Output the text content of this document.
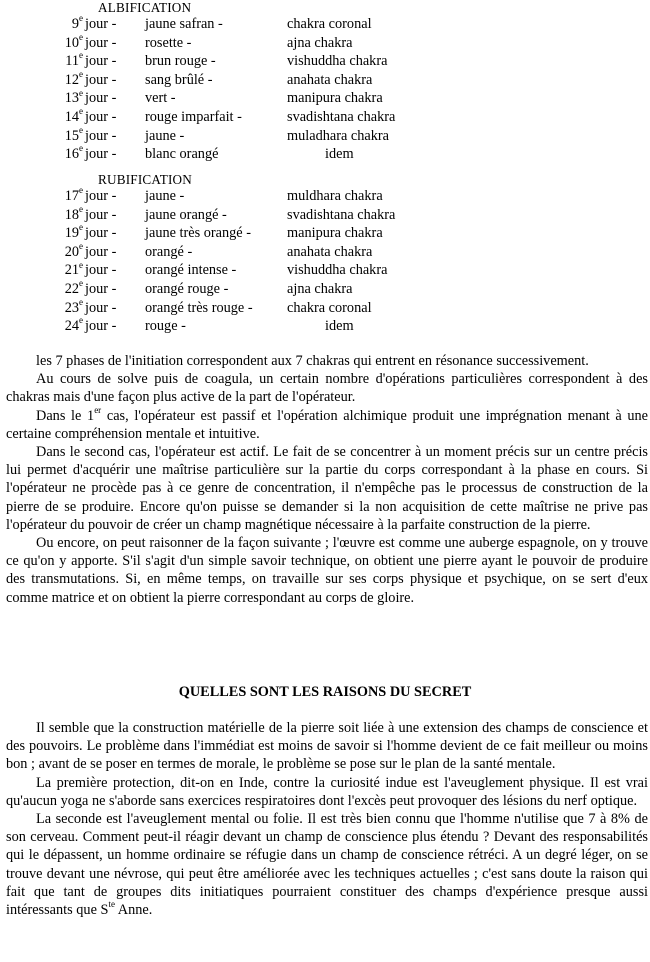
ALBIFICATION
9e jour - jaune safran -	chakra coronal
10e jour - rosette -	ajna chakra
11e jour - brun rouge -	vishuddha chakra
12e jour - sang brûlé -	anahata chakra
13e jour - vert -	manipura chakra
14e jour - rouge imparfait -	svadishtana chakra
15e jour - jaune -	muladhara chakra
16e jour - blanc orangé	idem
RUBIFICATION
17e jour - jaune -	muldhara chakra
18e jour - jaune orangé -	svadishtana chakra
19e jour - jaune très orangé -	manipura chakra
20e jour - orangé -	anahata chakra
21e jour - orangé intense -	vishuddha chakra
22e jour - orangé rouge -	ajna chakra
23e jour - orangé très rouge - chakra coronal
24e jour - rouge -	idem

les 7 phases de l'initiation correspondent aux 7 chakras qui entrent en résonance successivement.

Au cours de solve puis de coagula, un certain nombre d'opérations particulières correspondent à des chakras mais d'une façon plus active de la part de l'opérateur.

Dans le 1er cas, l'opérateur est passif et l'opération alchimique produit une imprégnation menant à une certaine compréhension mentale et intuitive.

Dans le second cas, l'opérateur est actif. Le fait de se concentrer à un moment précis sur un centre précis lui permet d'acquérir une maîtrise particulière sur la partie du corps correspondant à la phase en cours. Si l'opérateur ne procède pas à ce genre de concentration, il n'empêche pas le processus de construction de la pierre de se produire. Encore qu'on puisse se demander si la non acquisition de cette maîtrise ne prive pas l'opérateur du pouvoir de créer un champ magnétique nécessaire à la parfaite construction de la pierre.

Ou encore, on peut raisonner de la façon suivante ; l'œuvre est comme une auberge espagnole, on y trouve ce qu'on y apporte. S'il s'agit d'un simple savoir technique, on obtient une pierre ayant le pouvoir de produire des transmutations. Si, en même temps, on travaille sur ses corps physique et psychique, on se sert d'eux comme matrice et on obtient la pierre correspondant au corps de gloire.

QUELLES SONT LES RAISONS DU SECRET

Il semble que la construction matérielle de la pierre soit liée à une extension des champs de conscience et des pouvoirs. Le problème dans l'immédiat est moins de savoir si l'homme devient de ce fait meilleur ou moins bon ; avant de se poser en termes de morale, le problème se pose sur le plan de la santé mentale.

La première protection, dit-on en Inde, contre la curiosité indue est l'aveuglement physique. Il est vrai qu'aucun yoga ne s'aborde sans exercices respiratoires dont l'excès peut provoquer des lésions du nerf optique.

La seconde est l'aveuglement mental ou folie. Il est très bien connu que l'homme n'utilise que 7 à 8% de son cerveau. Comment peut-il réagir devant un champ de conscience plus étendu ? Devant des responsabilités qui le dépassent, un homme ordinaire se réfugie dans un champ de conscience rétréci. A un degré léger, on se trouve devant une névrose, qui peut être améliorée avec les techniques actuelles ; c'est sans doute la raison qui fait que tant de groupes dits initiatiques pourraient constituer des champs d'expérience presque aussi intéressants que $S^{te}$ Anne.
